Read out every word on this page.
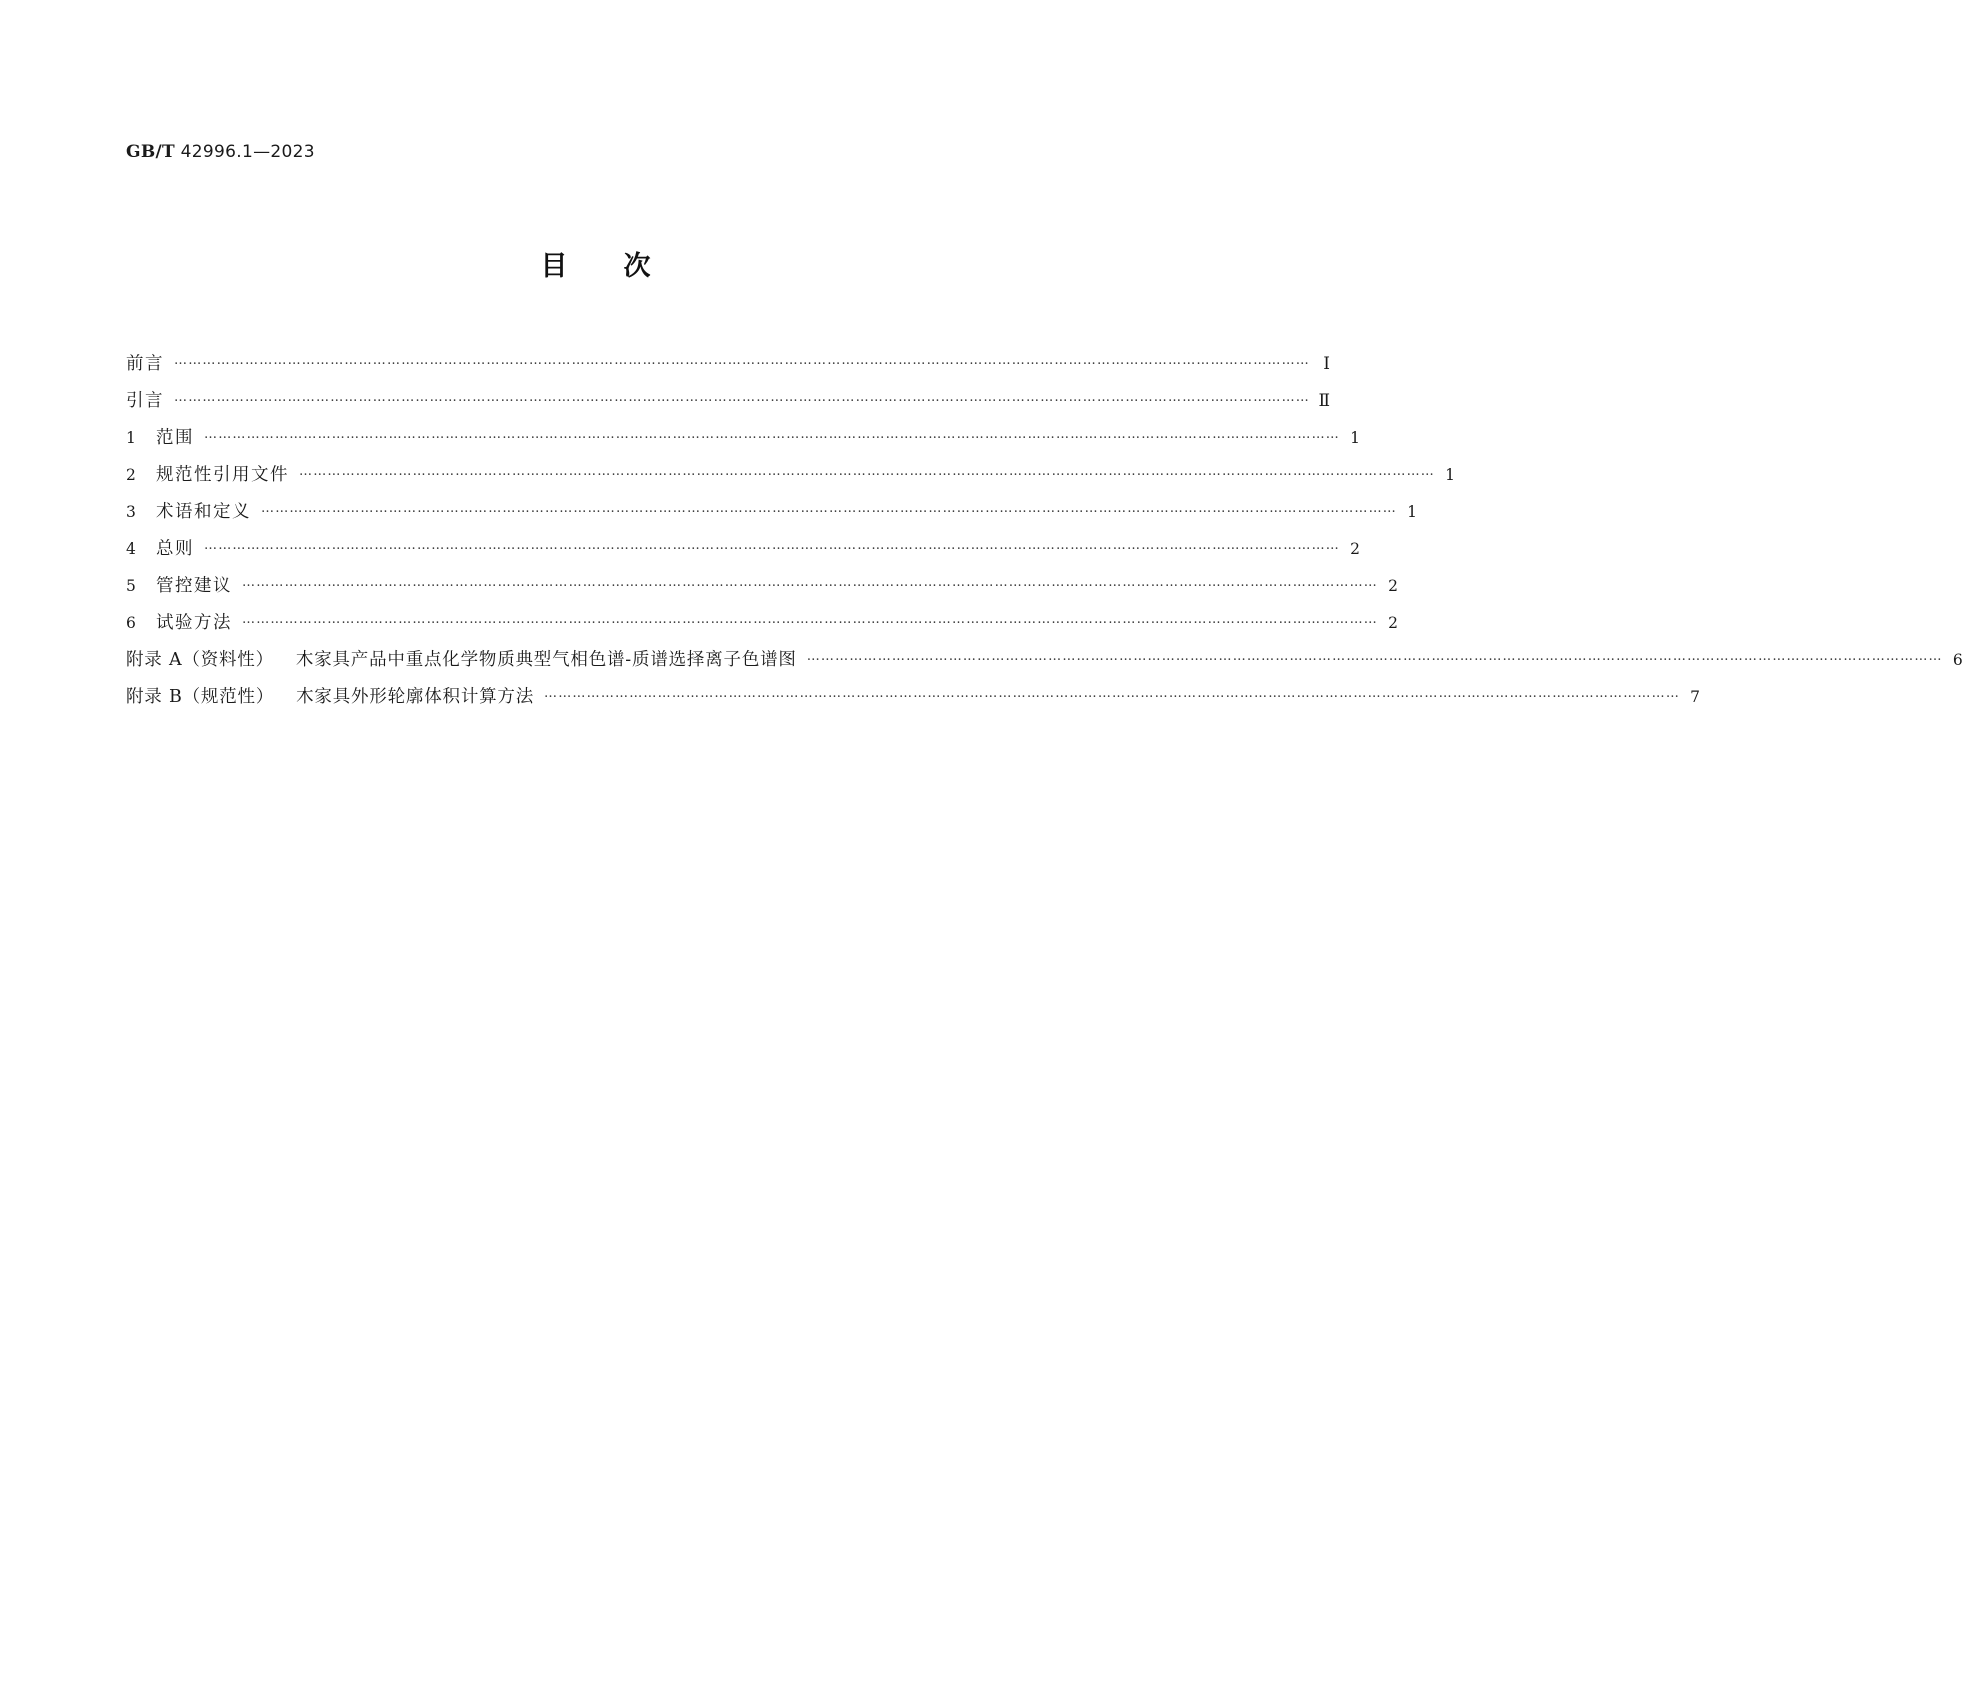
GB/T 42996.1—2023
目次
前言 …………………………………………………………………………………………………………………………………………………………………………………………………………………… Ⅰ
引言 …………………………………………………………………………………………………………………………………………………………………………………………………………………… Ⅱ
1 范围 …………………………………………………………………………………………………………………………………………………………………………………………………………………… 1
2 规范性引用文件 …………………………………………………………………………………………………………………………………………………………………………………………………………………… 1
3 术语和定义 …………………………………………………………………………………………………………………………………………………………………………………………………………………… 1
4 总则 …………………………………………………………………………………………………………………………………………………………………………………………………………………… 2
5 管控建议 …………………………………………………………………………………………………………………………………………………………………………………………………………………… 2
6 试验方法 …………………………………………………………………………………………………………………………………………………………………………………………………………………… 2
附录 A（资料性） 木家具产品中重点化学物质典型气相色谱-质谱选择离子色谱图 …………………………………………………………………………………………………………………………………………………………………………………………………………………… 6
附录 B（规范性） 木家具外形轮廓体积计算方法 …………………………………………………………………………………………………………………………………………………………………………………………………………………… 7
